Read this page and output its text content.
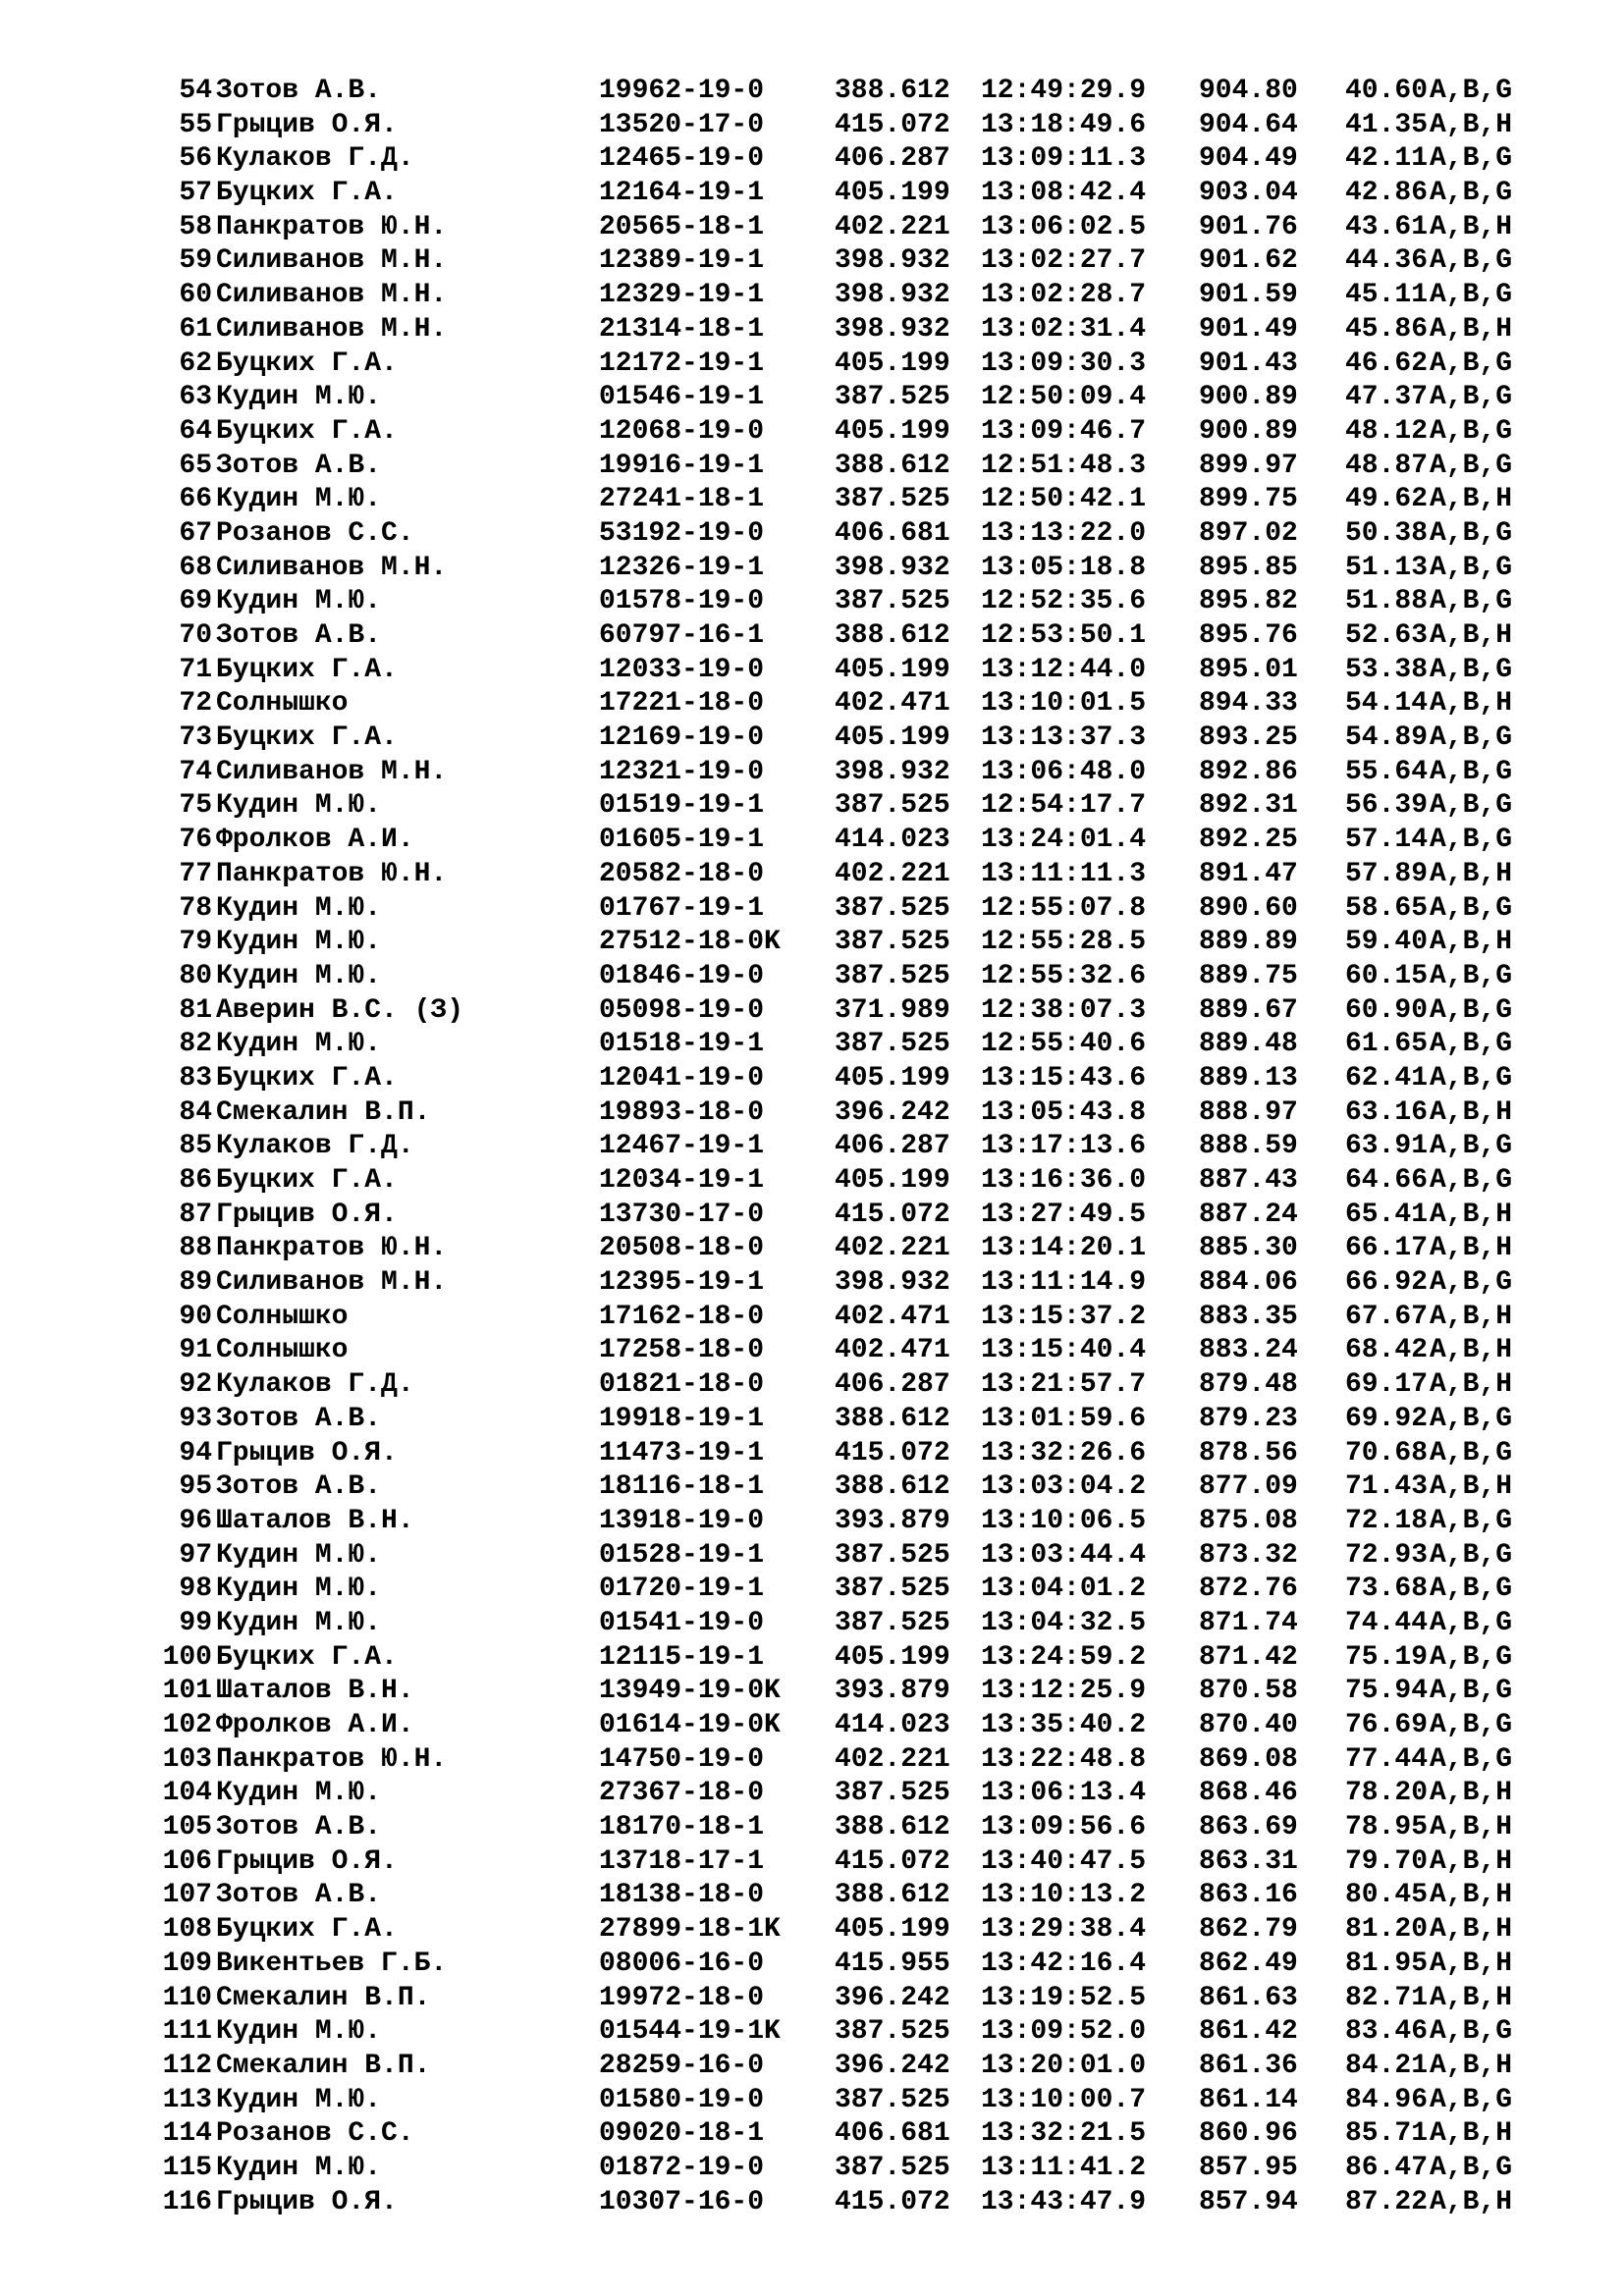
54 Зотов А.В.	19962-19-0	388.612 12:49:29.9 904.80 40.60 A,B,G
55 Грыцив О.Я.	13520-17-0	415.072 13:18:49.6 904.64 41.35 A,B,H
56 Кулаков Г.Д.	12465-19-0	406.287 13:09:11.3 904.49 42.11 A,B,G
57 Буцких Г.А.	12164-19-1	405.199 13:08:42.4 903.04 42.86 A,B,G
58 Панкратов Ю.Н.	20565-18-1	402.221 13:06:02.5 901.76 43.61 A,B,H
59 Силиванов М.Н.	12389-19-1	398.932 13:02:27.7 901.62 44.36 A,B,G
60 Силиванов М.Н.	12329-19-1	398.932 13:02:28.7 901.59 45.11 A,B,G
61 Силиванов М.Н.	21314-18-1	398.932 13:02:31.4 901.49 45.86 A,B,H
62 Буцких Г.А.	12172-19-1	405.199 13:09:30.3 901.43 46.62 A,B,G
63 Кудин М.Ю.	01546-19-1	387.525 12:50:09.4 900.89 47.37 A,B,G
64 Буцких Г.А.	12068-19-0	405.199 13:09:46.7 900.89 48.12 A,B,G
65 Зотов А.В.	19916-19-1	388.612 12:51:48.3 899.97 48.87 A,B,G
66 Кудин М.Ю.	27241-18-1	387.525 12:50:42.1 899.75 49.62 A,B,H
67 Розанов С.С.	53192-19-0	406.681 13:13:22.0 897.02 50.38 A,B,G
68 Силиванов М.Н.	12326-19-1	398.932 13:05:18.8 895.85 51.13 A,B,G
69 Кудин М.Ю.	01578-19-0	387.525 12:52:35.6 895.82 51.88 A,B,G
70 Зотов А.В.	60797-16-1	388.612 12:53:50.1 895.76 52.63 A,B,H
71 Буцких Г.А.	12033-19-0	405.199 13:12:44.0 895.01 53.38 A,B,G
72 Солнышко	17221-18-0	402.471 13:10:01.5 894.33 54.14 A,B,H
73 Буцких Г.А.	12169-19-0	405.199 13:13:37.3 893.25 54.89 A,B,G
74 Силиванов М.Н.	12321-19-0	398.932 13:06:48.0 892.86 55.64 A,B,G
75 Кудин М.Ю.	01519-19-1	387.525 12:54:17.7 892.31 56.39 A,B,G
76 Фролков А.И.	01605-19-1	414.023 13:24:01.4 892.25 57.14 A,B,G
77 Панкратов Ю.Н.	20582-18-0	402.221 13:11:11.3 891.47 57.89 A,B,H
78 Кудин М.Ю.	01767-19-1	387.525 12:55:07.8 890.60 58.65 A,B,G
79 Кудин М.Ю.	27512-18-0K 387.525 12:55:28.5 889.89 59.40 A,B,H
80 Кудин М.Ю.	01846-19-0	387.525 12:55:32.6 889.75 60.15 A,B,G
81 Аверин В.С. (З)	05098-19-0	371.989 12:38:07.3 889.67 60.90 A,B,G
82 Кудин М.Ю.	01518-19-1	387.525 12:55:40.6 889.48 61.65 A,B,G
83 Буцких Г.А.	12041-19-0	405.199 13:15:43.6 889.13 62.41 A,B,G
84 Смекалин В.П.	19893-18-0	396.242 13:05:43.8 888.97 63.16 A,B,H
85 Кулаков Г.Д.	12467-19-1	406.287 13:17:13.6 888.59 63.91 A,B,G
86 Буцких Г.А.	12034-19-1	405.199 13:16:36.0 887.43 64.66 A,B,G
87 Грыцив О.Я.	13730-17-0	415.072 13:27:49.5 887.24 65.41 A,B,H
88 Панкратов Ю.Н.	20508-18-0	402.221 13:14:20.1 885.30 66.17 A,B,H
89 Силиванов М.Н.	12395-19-1	398.932 13:11:14.9 884.06 66.92 A,B,G
90 Солнышко	17162-18-0	402.471 13:15:37.2 883.35 67.67 A,B,H
91 Солнышко	17258-18-0	402.471 13:15:40.4 883.24 68.42 A,B,H
92 Кулаков Г.Д.	01821-18-0	406.287 13:21:57.7 879.48 69.17 A,B,H
93 Зотов А.В.	19918-19-1	388.612 13:01:59.6 879.23 69.92 A,B,G
94 Грыцив О.Я.	11473-19-1	415.072 13:32:26.6 878.56 70.68 A,B,G
95 Зотов А.В.	18116-18-1	388.612 13:03:04.2 877.09 71.43 A,B,H
96 Шаталов В.Н.	13918-19-0	393.879 13:10:06.5 875.08 72.18 A,B,G
97 Кудин М.Ю.	01528-19-1	387.525 13:03:44.4 873.32 72.93 A,B,G
98 Кудин М.Ю.	01720-19-1	387.525 13:04:01.2 872.76 73.68 A,B,G
99 Кудин М.Ю.	01541-19-0	387.525 13:04:32.5 871.74 74.44 A,B,G
100 Буцких Г.А.	12115-19-1	405.199 13:24:59.2 871.42 75.19 A,B,G
101 Шаталов В.Н.	13949-19-0K 393.879 13:12:25.9 870.58 75.94 A,B,G
102 Фролков А.И.	01614-19-0K 414.023 13:35:40.2 870.40 76.69 A,B,G
103 Панкратов Ю.Н.	14750-19-0	402.221 13:22:48.8 869.08 77.44 A,B,G
104 Кудин М.Ю.	27367-18-0	387.525 13:06:13.4 868.46 78.20 A,B,H
105 Зотов А.В.	18170-18-1	388.612 13:09:56.6 863.69 78.95 A,B,H
106 Грыцив О.Я.	13718-17-1	415.072 13:40:47.5 863.31 79.70 A,B,H
107 Зотов А.В.	18138-18-0	388.612 13:10:13.2 863.16 80.45 A,B,H
108 Буцких Г.А.	27899-18-1K 405.199 13:29:38.4 862.79 81.20 A,B,H
109 Викентьев Г.Б.	08006-16-0	415.955 13:42:16.4 862.49 81.95 A,B,H
110 Смекалин В.П.	19972-18-0	396.242 13:19:52.5 861.63 82.71 A,B,H
111 Кудин М.Ю.	01544-19-1K 387.525 13:09:52.0 861.42 83.46 A,B,G
112 Смекалин В.П.	28259-16-0	396.242 13:20:01.0 861.36 84.21 A,B,H
113 Кудин М.Ю.	01580-19-0	387.525 13:10:00.7 861.14 84.96 A,B,G
114 Розанов С.С.	09020-18-1	406.681 13:32:21.5 860.96 85.71 A,B,H
115 Кудин М.Ю.	01872-19-0	387.525 13:11:41.2 857.95 86.47 A,B,G
116 Грыцив О.Я.	10307-16-0	415.072 13:43:47.9 857.94 87.22 A,B,H
